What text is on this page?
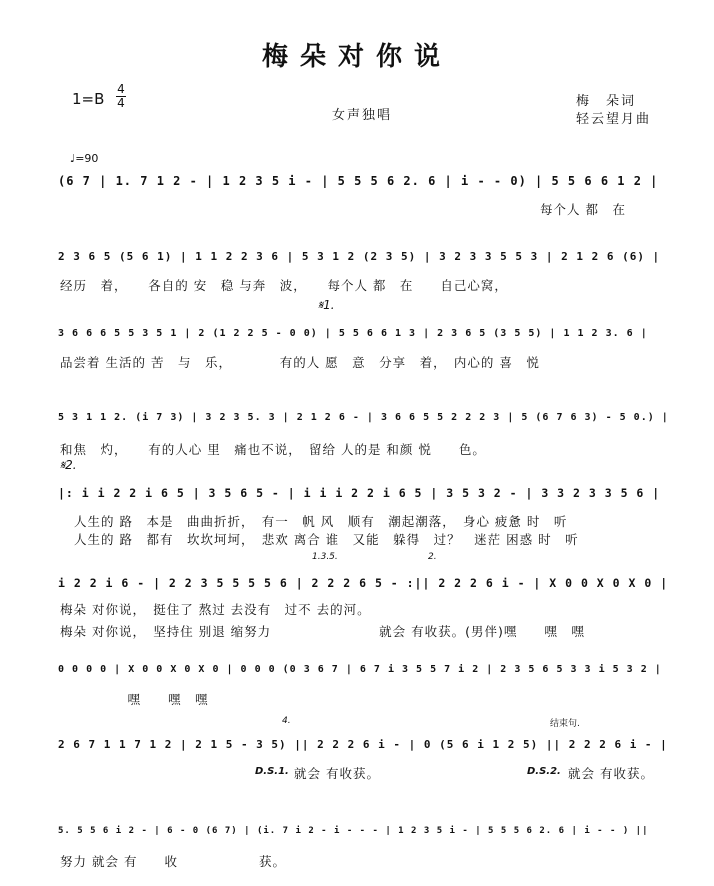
梅朵对你说
1=B
4
4
女声独唱
梅　朵词
轻云望月曲
♩=90
(6 7 | 1. 7 1 2 - | 1 2 3 5 i - | 5 5 5 6 2. 6 | i - - 0) | 5 5 6 6 1 2 |
每个人 都　在
2 3 6 5 (5 6 1) | 1 1 2 2 3 6 | 5 3 1 2 (2 3 5) | 3 2 3 3 5 5 3 | 2 1 2 6 (6) |
经历　着，　　各自的 安　稳 与奔　波，　　每个人 都　在　　自己心窝，
𝄋1.
3 6 6 6 5 5 3 5 1 | 2 (1 2 2 5 - 0 0) | 5 5 6 6 1 3 | 2 3 6 5 (3 5 5) | 1 1 2 3. 6 |
品尝着 生活的 苦　与　乐，　　　　有的人 愿　意　分享　着，　内心的 喜　悦
5 3 1 1 2. (i 7 3) | 3 2 3 5. 3 | 2 1 2 6 - | 3 6 6 5 5 2 2 2 3 | 5 (6 7 6 3) - 5 0.) |
和焦　灼，　　有的人心 里　痛也不说，　留给 人的是 和颜 悦　　色。
𝄋2.
|: i i 2 2 i 6 5 | 3 5 6 5 - | i i i 2 2 i 6 5 | 3 5 3 2 - | 3 3 2 3 3 5 6 |
人生的 路　本是　曲曲折折，　有一　帆 风　顺有　潮起潮落，　身心 疲惫 时　听
人生的 路　都有　坎坎坷坷，　悲欢 离合 谁　又能　躲得　过？　迷茫 困惑 时　听
1.3.5.	2.
i 2 2 i 6 - | 2 2 3 5 5 5 5 6 | 2 2 2 6 5 - :|| 2 2 2 6 i - | X 0 0 X 0 X 0 |
梅朵 对你说，　挺住了 熬过 去没有　过不 去的河。
梅朵 对你说，　坚持住 别退 缩努力　　　　　　　　就会 有收获。(男伴)嘿　　嘿　嘿
0 0 0 0 | X 0 0 X 0 X 0 | 0 0 0 (0 3 6 7 | 6 7 i 3 5 5 7 i 2 | 2 3 5 6 5 3 3 i 5 3 2 |
　　　　　嘿　　嘿　嘿
4.	结束句.
2 6 7 1 1 7 1 2 | 2 1 5 - 3 5) || 2 2 2 6 i - | 0 (5 6 i 1 2 5) || 2 2 2 6 i - |
D.S.1. 就会 有收获。	D.S.2. 就会 有收获。
5. 5 5 6 i 2 - | 6 - 0 (6 7) | (i. 7 i 2 - i - - - | 1 2 3 5 i - | 5 5 5 6 2. 6 | i - - ) ||
努力 就会 有　　收　　　　　　获。
